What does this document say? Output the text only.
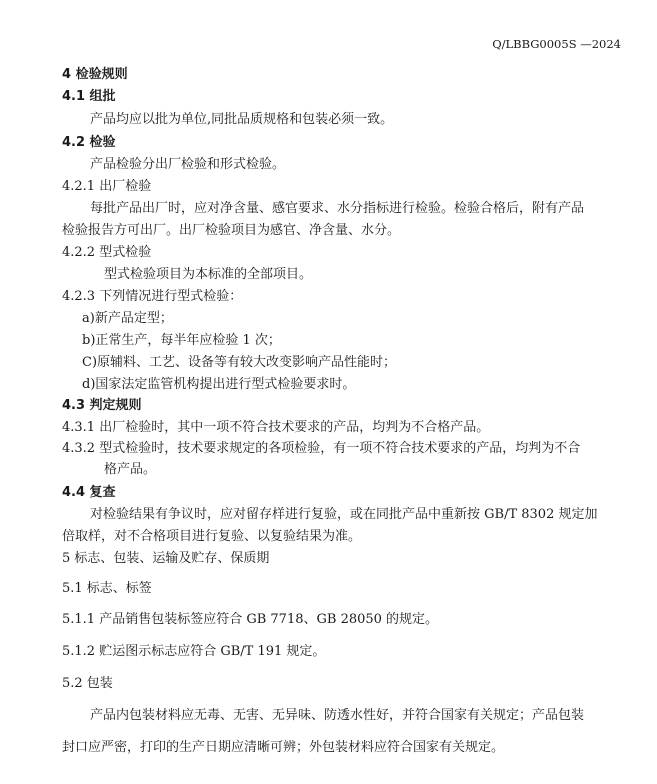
Q/LBBG0005S —2024
4 检验规则
4.1 组批
产品均应以批为单位,同批品质规格和包装必须一致。
4.2 检验
产品检验分出厂检验和形式检验。
4.2.1 出厂检验
每批产品出厂时，应对净含量、感官要求、水分指标进行检验。检验合格后，附有产品
检验报告方可出厂。出厂检验项目为感官、净含量、水分。
4.2.2 型式检验
型式检验项目为本标准的全部项目。
4.2.3 下列情况进行型式检验：
a)新产品定型；
b)正常生产，每半年应检验 1 次；
C)原辅料、工艺、设备等有较大改变影响产品性能时；
d)国家法定监管机构提出进行型式检验要求时。
4.3 判定规则
4.3.1 出厂检验时，其中一项不符合技术要求的产品，均判为不合格产品。
4.3.2 型式检验时，技术要求规定的各项检验，有一项不符合技术要求的产品，均判为不合
格产品。
4.4 复查
对检验结果有争议时，应对留存样进行复验，或在同批产品中重新按 GB/T 8302 规定加
倍取样，对不合格项目进行复验、以复验结果为准。
5 标志、包装、运输及贮存、保质期
5.1 标志、标签
5.1.1 产品销售包装标签应符合 GB 7718、GB 28050 的规定。
5.1.2 贮运图示标志应符合 GB/T 191 规定。
5.2 包装
产品内包装材料应无毒、无害、无异味、防透水性好，并符合国家有关规定；产品包装
封口应严密，打印的生产日期应清晰可辨；外包装材料应符合国家有关规定。
